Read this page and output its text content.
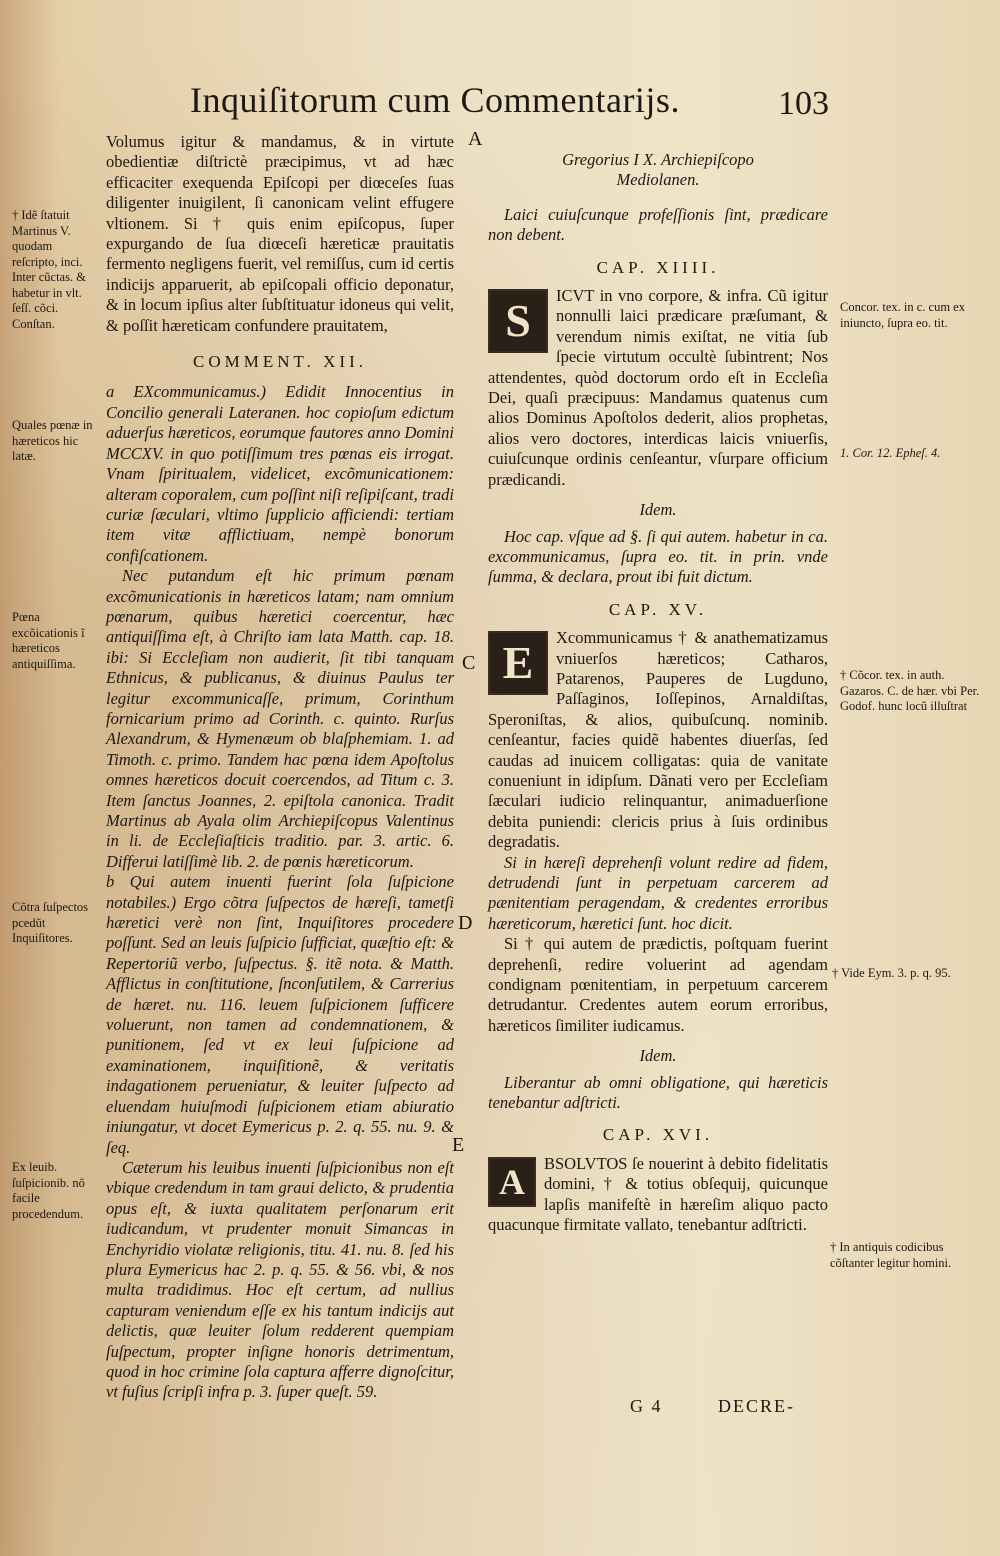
Inquiſitorum cum Commentarijs.	103
† Idẽ ſtatuit Martinus V. quodam reſcripto, inci. Inter cũctas. & habetur in vlt. ſeſſ. cõci. Conſtan.
Quales pœnæ in hæreticos hic latæ.
Pœna excõicationis ĩ hæreticos antiquiſſima.
Cõtra ſuſpectos pcedũt Inquiſitores.
Ex leuib. ſuſpicionib. nõ facile procedendum.
A
C
D
E

Volumus igitur & mandamus, & in virtute obedientiæ diſtrictè præcipimus, vt ad hæc efficaciter exequenda Epiſcopi per diœceſes ſuas diligenter inuigilent, ſi canonicam velint effugere vltionem. Si † quis enim epiſcopus, ſuper expurgando de ſua diœceſi hæreticæ prauitatis fermento negligens fuerit, vel remiſſus, cum id certis indicijs apparuerit, ab epiſcopali officio deponatur, & in locum ipſius alter ſubſtituatur idoneus qui velit, & poſſit hæreticam confundere prauitatem,

COMMENT. XII.

a EXcommunicamus.) Edidit Innocentius in Concilio generali Lateranen. hoc copioſum edictum aduerſus hæreticos, eorumque fautores anno Domini MCCXV. in quo potiſſimum tres pœnas eis irrogat. Vnam ſpiritualem, videlicet, excõmunicationem: alteram coporalem, cum poſſint niſi reſipiſcant, tradi curiæ ſæculari, vltimo ſupplicio afficiendi: tertiam item vitæ afflictiuam, nempè bonorum confiſcationem.

Nec putandum eſt hic primum pœnam excõmunicationis in hæreticos latam; nam omnium pœnarum, quibus hæretici coercentur, hæc antiquiſſima eſt, à Chriſto iam lata Matth. cap. 18. ibi: Si Eccleſiam non audierit, ſit tibi tanquam Ethnicus, & publicanus, & diuinus Paulus ter legitur excommunicaſſe, primum, Corinthum fornicarium primo ad Corinth. c. quinto. Rurſus Alexandrum, & Hymenæum ob blaſphemiam. 1. ad Timoth. c. primo. Tandem hac pœna idem Apoſtolus omnes hæreticos docuit coercendos, ad Titum c. 3. Item ſanctus Joannes, 2. epiſtola canonica. Tradit Martinus ab Ayala olim Archiepiſcopus Valentinus in li. de Eccleſiaſticis traditio. par. 3. artic. 6. Differui latiſſimè lib. 2. de pœnis hæreticorum.

b Qui autem inuenti fuerint ſola ſuſpicione notabiles.) Ergo cõtra ſuſpectos de hæreſi, tametſi hæretici verè non ſint, Inquiſitores procedere poſſunt. Sed an leuis ſuſpicio ſufficiat, quæſtio eſt: & Repertoriũ verbo, ſuſpectus. §. itẽ nota. & Matth. Afflictus in conſtitutione, ſnconſutilem, & Carrerius de hæret. nu. 116. leuem ſuſpicionem ſufficere voluerunt, non tamen ad condemnationem, & punitionem, ſed vt ex leui ſuſpicione ad examinationem, inquiſitionẽ, & veritatis indagationem perueniatur, & leuiter ſuſpecto ad eluendam huiuſmodi ſuſpicionem etiam abiuratio iniungatur, vt docet Eymericus p. 2. q. 55. nu. 9. & ſeq.

Cæterum his leuibus inuenti ſuſpicionibus non eſt vbique credendum in tam graui delicto, & prudentia opus eſt, & iuxta qualitatem perſonarum erit iudicandum, vt prudenter monuit Simancas in Enchyridio violatæ religionis, titu. 41. nu. 8. ſed his plura Eymericus hac 2. p. q. 55. & 56. vbi, & nos multa tradidimus. Hoc eſt certum, ad nullius capturam veniendum eſſe ex his tantum indicijs aut delictis, quæ leuiter ſolum redderent quempiam ſuſpectum, propter inſigne honoris detrimentum, quod in hoc crimine ſola captura afferre dignoſcitur, vt fuſius ſcripſi infra p. 3. ſuper queſt. 59.

Gregorius I X. Archiepiſcopo Mediolanen.

Laici cuiuſcunque profeſſionis ſint, prædicare non debent.

CAP. XIIII.
S	ICVT in vno corpore, & infra. Cũ igitur nonnulli laici prædicare præſumant, & verendum nimis exiſtat, ne vitia ſub ſpecie virtutum occultè ſubintrent; Nos attendentes, quòd doctorum ordo eſt in Eccleſia Dei, quaſi præcipuus: Mandamus quatenus cum alios Dominus Apoſtolos dederit, alios prophetas, alios vero doctores, interdicas laicis vniuerſis, cuiuſcunque ordinis cenſeantur, vſurpare officium prædicandi.

Idem.

Hoc cap. vſque ad §. ſi qui autem. habetur in ca. excommunicamus, ſupra eo. tit. in prin. vnde ſumma, & declara, prout ibi fuit dictum.

CAP. XV.
E	Xcommunicamus † & anathematizamus vniuerſos hæreticos; Catharos, Patarenos, Pauperes de Lugduno, Paſſaginos, Ioſſepinos, Arnaldiſtas, Speroniſtas, & alios, quibuſcunq. nominib. cenſeantur, facies quidẽ habentes diuerſas, ſed caudas ad inuicem colligatas: quia de vanitate conueniunt in idipſum. Dãnati vero per Eccleſiam ſæculari iudicio relinquantur, animaduerſione debita puniendi: clericis prius à ſuis ordinibus degradatis.

Si in hæreſi deprehenſi volunt redire ad fidem, detrudendi ſunt in perpetuam carcerem ad pænitentiam peragendam, & credentes erroribus hæreticorum, hæretici ſunt. hoc dicit.

Si † qui autem de prædictis, poſtquam fuerint deprehenſi, redire voluerint ad agendam condignam pœnitentiam, in perpetuum carcerem detrudantur. Credentes autem eorum erroribus, hæreticos ſimiliter iudicamus.

Idem.

Liberantur ab omni obligatione, qui hæreticis tenebantur adſtricti.

CAP. XVI.
A	BSOLVTOS ſe nouerint à debito fidelitatis domini, † & totius obſequij, quicunque lapſis manifeſtè in hæreſim aliquo pacto quacunque firmitate vallato, tenebantur adſtricti.

Concor. tex. in c. cum ex iniuncto, ſupra eo. tit.
1. Cor. 12. Epheſ. 4.
† Cõcor. tex. in auth. Gazaros. C. de hær. vbi Per. Godof. hunc locũ illuſtrat
† Vide Eym. 3. p. q. 95.
† In antiquis codicibus cõſtanter legitur homini.
G 4	DECRE-
